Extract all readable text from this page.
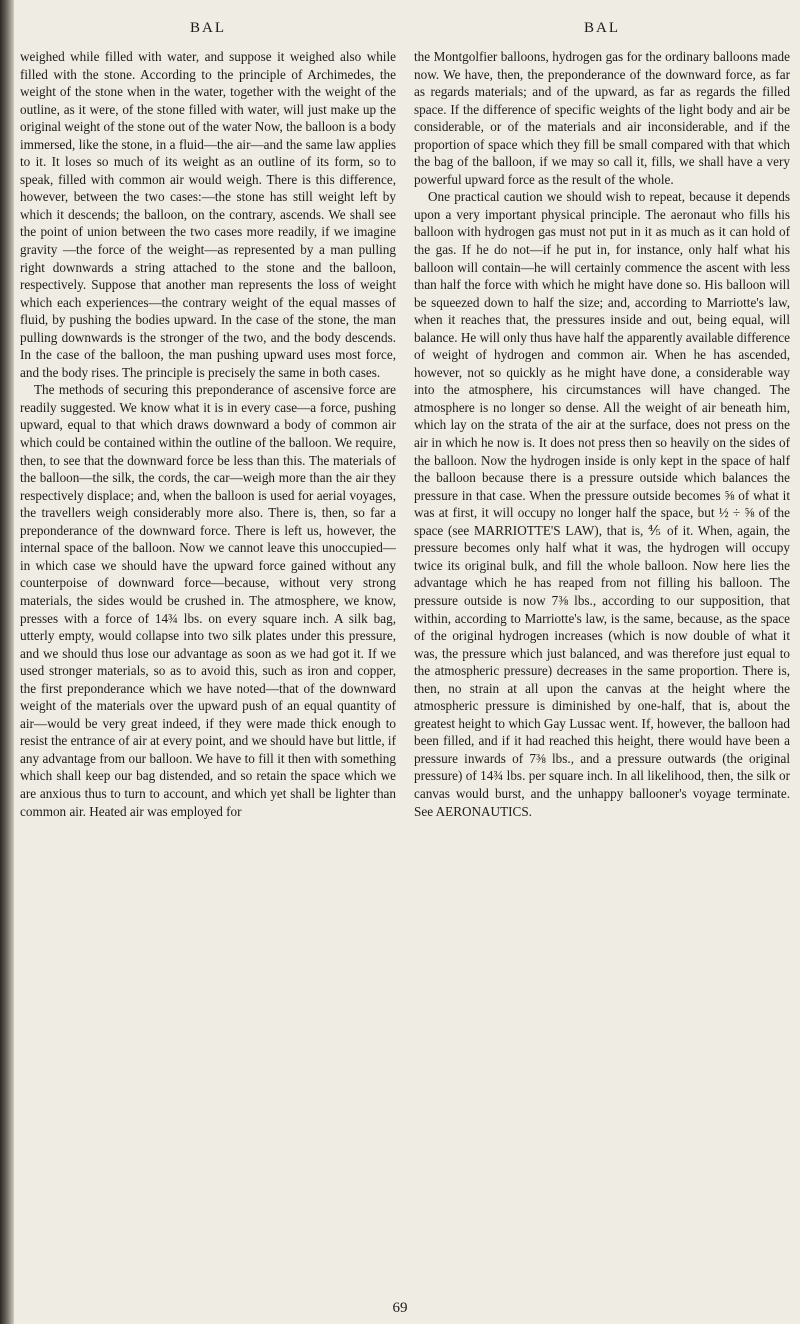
BAL

weighed while filled with water, and suppose it weighed also while filled with the stone. According to the principle of Archimedes, the weight of the stone when in the water, together with the weight of the outline, as it were, of the stone filled with water, will just make up the original weight of the stone out of the water Now, the balloon is a body immersed, like the stone, in a fluid—the air—and the same law applies to it. It loses so much of its weight as an outline of its form, so to speak, filled with common air would weigh. There is this difference, however, between the two cases:—the stone has still weight left by which it descends; the balloon, on the contrary, ascends. We shall see the point of union between the two cases more readily, if we imagine gravity —the force of the weight—as represented by a man pulling right downwards a string attached to the stone and the balloon, respectively. Suppose that another man represents the loss of weight which each experiences—the contrary weight of the equal masses of fluid, by pushing the bodies upward. In the case of the stone, the man pulling downwards is the stronger of the two, and the body descends. In the case of the balloon, the man pushing upward uses most force, and the body rises. The principle is precisely the same in both cases.

The methods of securing this preponderance of ascensive force are readily suggested. We know what it is in every case—a force, pushing upward, equal to that which draws downward a body of common air which could be contained within the outline of the balloon. We require, then, to see that the downward force be less than this. The materials of the balloon—the silk, the cords, the car—weigh more than the air they respectively displace; and, when the balloon is used for aerial voyages, the travellers weigh considerably more also. There is, then, so far a preponderance of the downward force. There is left us, however, the internal space of the balloon. Now we cannot leave this unoccupied—in which case we should have the upward force gained without any counterpoise of downward force—because, without very strong materials, the sides would be crushed in. The atmosphere, we know, presses with a force of 14¾ lbs. on every square inch. A silk bag, utterly empty, would collapse into two silk plates under this pressure, and we should thus lose our advantage as soon as we had got it. If we used stronger materials, so as to avoid this, such as iron and copper, the first preponderance which we have noted—that of the downward weight of the materials over the upward push of an equal quantity of air—would be very great indeed, if they were made thick enough to resist the entrance of air at every point, and we should have but little, if any advantage from our balloon. We have to fill it then with something which shall keep our bag distended, and so retain the space which we are anxious thus to turn to account, and which yet shall be lighter than common air. Heated air was employed for

BAL

the Montgolfier balloons, hydrogen gas for the ordinary balloons made now. We have, then, the preponderance of the downward force, as far as regards materials; and of the upward, as far as regards the filled space. If the difference of specific weights of the light body and air be considerable, or of the materials and air inconsiderable, and if the proportion of space which they fill be small compared with that which the bag of the balloon, if we may so call it, fills, we shall have a very powerful upward force as the result of the whole.

One practical caution we should wish to repeat, because it depends upon a very important physical principle. The aeronaut who fills his balloon with hydrogen gas must not put in it as much as it can hold of the gas. If he do not—if he put in, for instance, only half what his balloon will contain—he will certainly commence the ascent with less than half the force with which he might have done so. His balloon will be squeezed down to half the size; and, according to Marriotte's law, when it reaches that, the pressures inside and out, being equal, will balance. He will only thus have half the apparently available difference of weight of hydrogen and common air. When he has ascended, however, not so quickly as he might have done, a considerable way into the atmosphere, his circumstances will have changed. The atmosphere is no longer so dense. All the weight of air beneath him, which lay on the strata of the air at the surface, does not press on the air in which he now is. It does not press then so heavily on the sides of the balloon. Now the hydrogen inside is only kept in the space of half the balloon because there is a pressure outside which balances the pressure in that case. When the pressure outside becomes ⅝ of what it was at first, it will occupy no longer half the space, but ½ ÷ ⅝ of the space (see MARRIOTTE'S LAW), that is, ⅘ of it. When, again, the pressure becomes only half what it was, the hydrogen will occupy twice its original bulk, and fill the whole balloon. Now here lies the advantage which he has reaped from not filling his balloon. The pressure outside is now 7⅜ lbs., according to our supposition, that within, according to Marriotte's law, is the same, because, as the space of the original hydrogen increases (which is now double of what it was, the pressure which just balanced, and was therefore just equal to the atmospheric pressure) decreases in the same proportion. There is, then, no strain at all upon the canvas at the height where the atmospheric pressure is diminished by one-half, that is, about the greatest height to which Gay Lussac went. If, however, the balloon had been filled, and if it had reached this height, there would have been a pressure inwards of 7⅜ lbs., and a pressure outwards (the original pressure) of 14¾ lbs. per square inch. In all likelihood, then, the silk or canvas would burst, and the unhappy ballooner's voyage terminate. See AERONAUTICS.

69
